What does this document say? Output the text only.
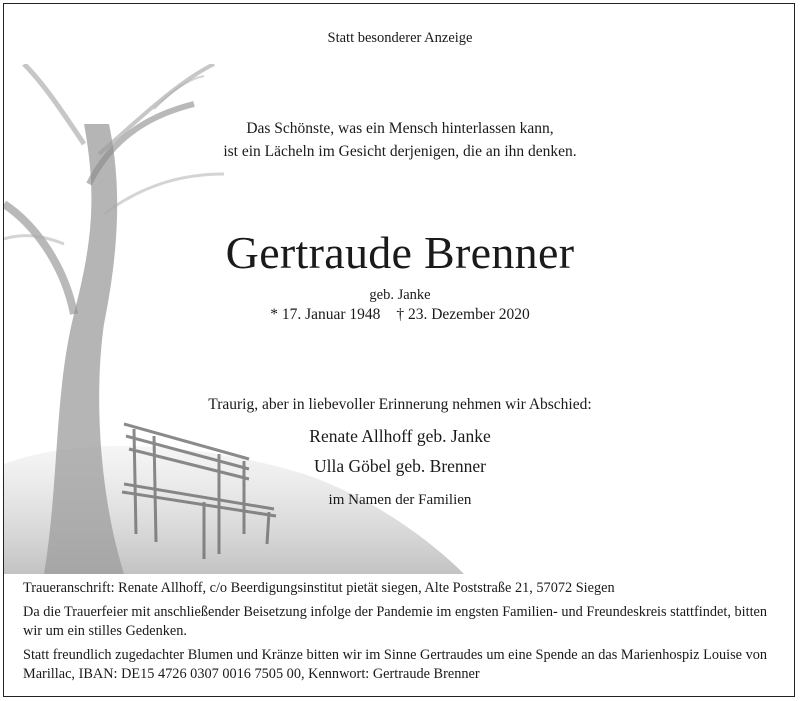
Statt besonderer Anzeige
Das Schönste, was ein Mensch hinterlassen kann,
ist ein Lächeln im Gesicht derjenigen, die an ihn denken.
Gertraude Brenner
geb. Janke
* 17. Januar 1948 † 23. Dezember 2020
Traurig, aber in liebevoller Erinnerung nehmen wir Abschied:
Renate Allhoff geb. Janke
Ulla Göbel geb. Brenner
im Namen der Familien

Traueranschrift: Renate Allhoff, c/o Beerdigungsinstitut pietät siegen, Alte Poststraße 21, 57072 Siegen

Da die Trauerfeier mit anschließender Beisetzung infolge der Pandemie im engsten Familien- und Freundeskreis stattfindet, bitten wir um ein stilles Gedenken.

Statt freundlich zugedachter Blumen und Kränze bitten wir im Sinne Gertraudes um eine Spende an das Marienhospiz Louise von Marillac, IBAN: DE15 4726 0307 0016 7505 00, Kennwort: Gertraude Brenner
